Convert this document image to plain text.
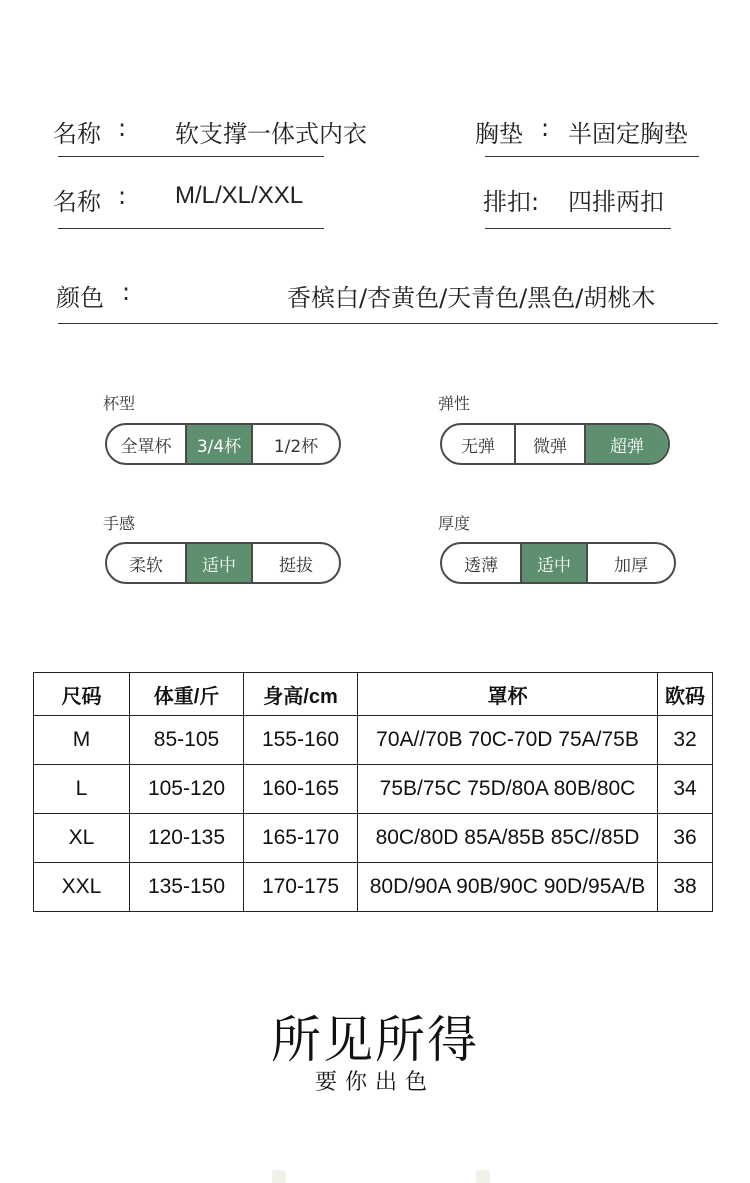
名称 : 软支撑一体式内衣	胸垫 : 半固定胸垫
名称 : M/L/XL/XXL	排扣: 四排两扣
颜色 :	香槟白/杏黄色/天青色/黑色/胡桃木
杯型
全罩杯	3/4杯	1/2杯
弹性
无弹	微弹	超弹
手感
柔软	适中	挺拔
厚度
透薄	适中	加厚
尺码	体重/斤	身高/cm	罩杯	欧码
M	85-105	155-160	70A//70B 70C-70D 75A/75B	32
L	105-120	160-165	75B/75C 75D/80A 80B/80C	34
XL	120-135	165-170	80C/80D 85A/85B 85C//85D	36
XXL	135-150	170-175	80D/90A 90B/90C 90D/95A/B	38
所见所得
要你出色
